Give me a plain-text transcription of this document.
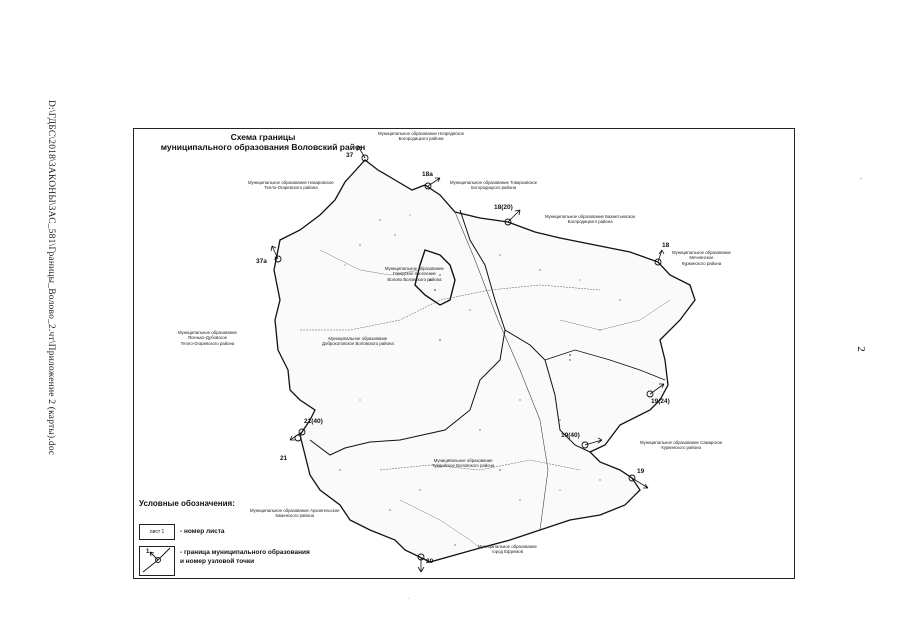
D:\ГДБС\2018\ЗАКОНЫ\ЗАС_581\Границы_Волово_2.чт\Приложение 2 (карты).doc	2
Схема границы
муниципального образования Воловский район
Муниципальное образование Непрядвское
Богородицкого района
Муниципальное образование Назаровское
Тепло-Огаревского района
Муниципальное образование Товарковское
Богородицкого района
Муниципальное образование Бахметьевское
Богородицкого района
Муниципальное образование
Мечнянское
Куркинского района
Муниципальное образование
Ясенько-Дубовское
Тепло-Огаревского района
Муниципальное образование
Городское поселение
Волово Воловского района
Муниципальное образование
Доброхотовское Воловского района
Муниципальное образование
Турдейское Воловского района
Муниципальное образование Самарское
Куркинского района
Муниципальное образование Архангельское
Каменского района
Муниципальное образование
город Ефремов
37
18а
18(20)
18
37а
19(24)
19(40)
19
21(40)
21
20
Условные обозначения:
лист 1	- номер листа
1	- граница муниципального образования
и номер узловой точки
-
·
